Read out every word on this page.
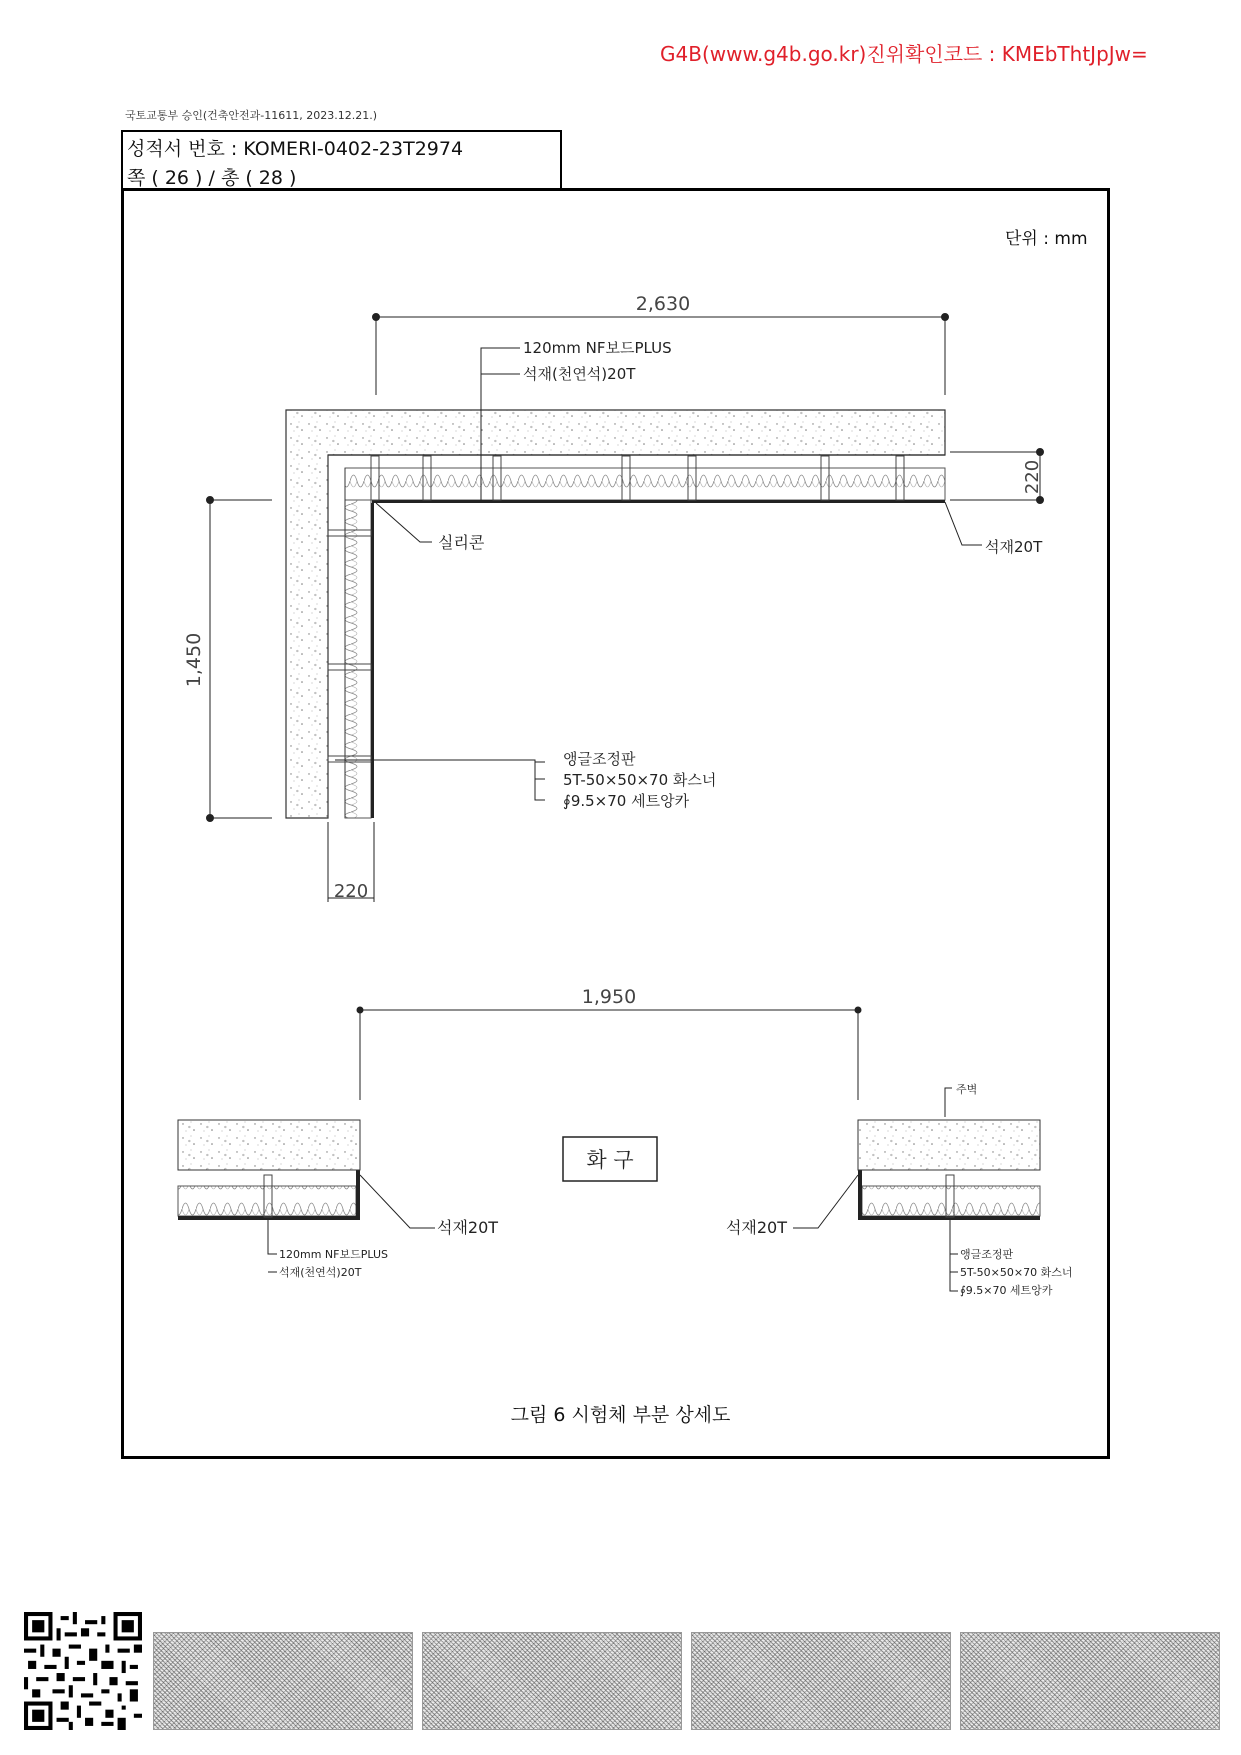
G4B(www.g4b.go.kr)진위확인코드 : KMEbThtJpJw=
국토교통부 승인(건축안전과-11611, 2023.12.21.)
성적서 번호 : KOMERI-0402-23T2974
쪽 ( 26 ) / 총 ( 28 )
단위 : mm
2,630
1,450
220
220
120mm NF보드PLUS
석재(천연석)20T
실리콘	석재20T
앵글조정판
5T-50×50×70 화스너
∮9.5×70 세트앙카
1,950
화 구
석재20T	석재20T
주벽
120mm NF보드PLUS
석재(천연석)20T
앵글조정판
5T-50×50×70 화스너
∮9.5×70 세트앙카
그림 6 시험체 부분 상세도
